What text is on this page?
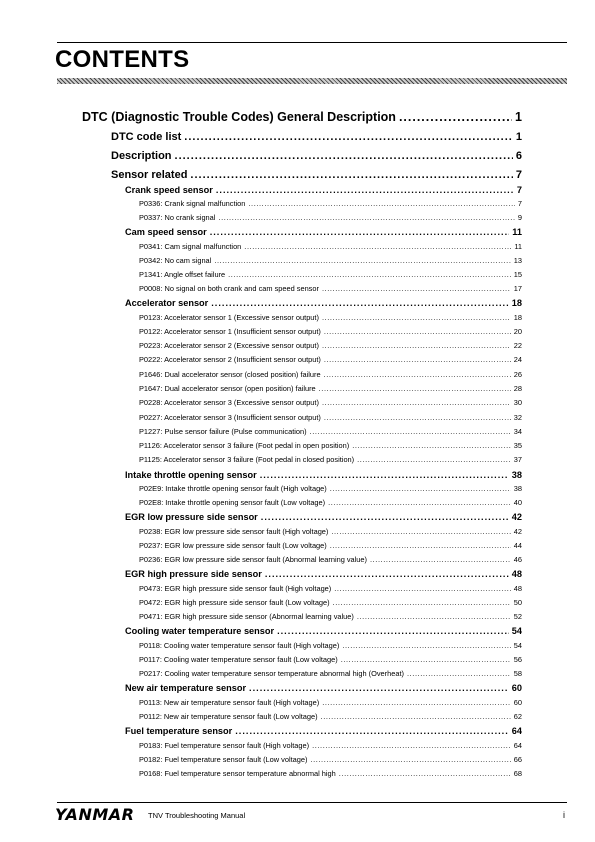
CONTENTS
DTC (Diagnostic Trouble Codes) General Description .....	1
DTC code list .....	1
Description .....	6
Sensor related .....	7
Crank speed sensor .....	7
P0336: Crank signal malfunction .....	7
P0337: No crank signal .....	9
Cam speed sensor .....	11
P0341: Cam signal malfunction .....	11
P0342: No cam signal .....	13
P1341: Angle offset failure .....	15
P0008: No signal on both crank and cam speed sensor .....	17
Accelerator sensor .....	18
P0123: Accelerator sensor 1 (Excessive sensor output) .....	18
P0122: Accelerator sensor 1 (Insufficient sensor output) .....	20
P0223: Accelerator sensor 2 (Excessive sensor output) .....	22
P0222: Accelerator sensor 2 (Insufficient sensor output) .....	24
P1646: Dual accelerator sensor (closed position) failure .....	26
P1647: Dual accelerator sensor (open position) failure .....	28
P0228: Accelerator sensor 3 (Excessive sensor output) .....	30
P0227: Accelerator sensor 3 (Insufficient sensor output) .....	32
P1227: Pulse sensor failure (Pulse communication) .....	34
P1126: Accelerator sensor 3 failure (Foot pedal in open position) .....	35
P1125: Accelerator sensor 3 failure (Foot pedal in closed position) .....	37
Intake throttle opening sensor .....	38
P02E9: Intake throttle opening sensor fault (High voltage) .....	38
P02E8: Intake throttle opening sensor fault (Low voltage) .....	40
EGR low pressure side sensor .....	42
P0238: EGR low pressure side sensor fault (High voltage) .....	42
P0237: EGR low pressure side sensor fault (Low voltage) .....	44
P0236: EGR low pressure side sensor fault (Abnormal learning value) .....	46
EGR high pressure side sensor .....	48
P0473: EGR high pressure side sensor fault (High voltage) .....	48
P0472: EGR high pressure side sensor fault (Low voltage) .....	50
P0471: EGR high pressure side sensor (Abnormal learning value) .....	52
Cooling water temperature sensor .....	54
P0118: Cooling water temperature sensor fault (High voltage) .....	54
P0117: Cooling water temperature sensor fault (Low voltage) .....	56
P0217: Cooling water temperature sensor temperature abnormal high (Overheat) .....	58
New air temperature sensor .....	60
P0113: New air temperature sensor fault (High voltage) .....	60
P0112: New air temperature sensor fault (Low voltage) .....	62
Fuel temperature sensor .....	64
P0183: Fuel temperature sensor fault (High voltage) .....	64
P0182: Fuel temperature sensor fault (Low voltage) .....	66
P0168: Fuel temperature sensor temperature abnormal high .....	68
YANMAR TNV Troubleshooting Manual	i
